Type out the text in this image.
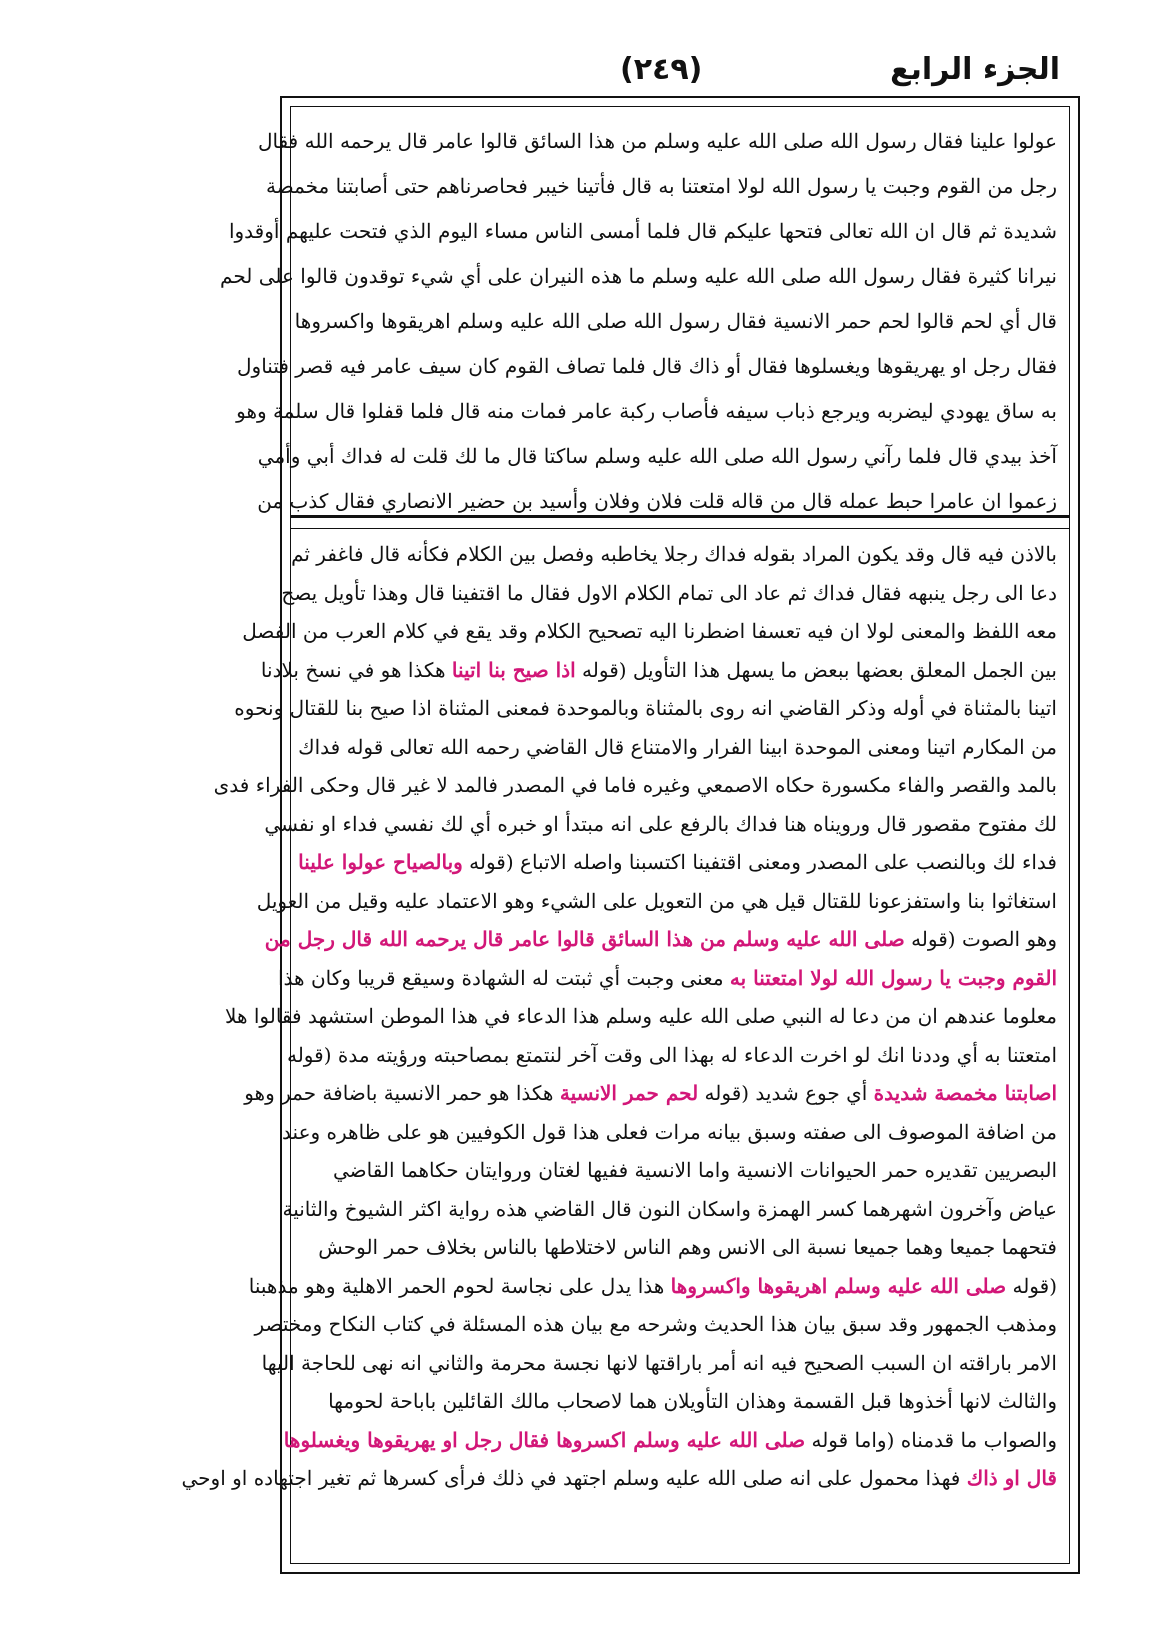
الجزء الرابع
(٢٤٩)
عولوا علينا فقال رسول الله صلى الله عليه وسلم من هذا السائق قالوا عامر قال يرحمه الله فقال
رجل من القوم وجبت يا رسول الله لولا امتعتنا به قال فأتينا خيبر فحاصرناهم حتى أصابتنا مخمصة
شديدة ثم قال ان الله تعالى فتحها عليكم قال فلما أمسى الناس مساء اليوم الذي فتحت عليهم أوقدوا
نيرانا كثيرة فقال رسول الله صلى الله عليه وسلم ما هذه النيران على أي شيء توقدون قالوا على لحم
قال أي لحم قالوا لحم حمر الانسية فقال رسول الله صلى الله عليه وسلم اهريقوها واكسروها
فقال رجل او يهريقوها ويغسلوها فقال أو ذاك قال فلما تصاف القوم كان سيف عامر فيه قصر فتناول
به ساق يهودي ليضربه ويرجع ذباب سيفه فأصاب ركبة عامر فمات منه قال فلما قفلوا قال سلمة وهو
آخذ بيدي قال فلما رآني رسول الله صلى الله عليه وسلم ساكتا قال ما لك قلت له فداك أبي وأمي
زعموا ان عامرا حبط عمله قال من قاله قلت فلان وفلان وأسيد بن حضير الانصاري فقال كذب من
بالاذن فيه قال وقد يكون المراد بقوله فداك رجلا يخاطبه وفصل بين الكلام فكأنه قال فاغفر ثم
دعا الى رجل ينبهه فقال فداك ثم عاد الى تمام الكلام الاول فقال ما اقتفينا قال وهذا تأويل يصح
معه اللفظ والمعنى لولا ان فيه تعسفا اضطرنا اليه تصحيح الكلام وقد يقع في كلام العرب من الفصل
بين الجمل المعلق بعضها ببعض ما يسهل هذا التأويل (قوله اذا صيح بنا اتينا هكذا هو في نسخ بلادنا
اتينا بالمثناة في أوله وذكر القاضي انه روى بالمثناة وبالموحدة فمعنى المثناة اذا صيح بنا للقتال ونحوه
من المكارم اتينا ومعنى الموحدة ابينا الفرار والامتناع قال القاضي رحمه الله تعالى قوله فداك
بالمد والقصر والفاء مكسورة حكاه الاصمعي وغيره فاما في المصدر فالمد لا غير قال وحكى الفراء فدى
لك مفتوح مقصور قال ورويناه هنا فداك بالرفع على انه مبتدأ او خبره أي لك نفسي فداء او نفسي
فداء لك وبالنصب على المصدر ومعنى اقتفينا اكتسبنا واصله الاتباع (قوله وبالصياح عولوا علينا
استغاثوا بنا واستفزعونا للقتال قيل هي من التعويل على الشيء وهو الاعتماد عليه وقيل من العويل
وهو الصوت (قوله صلى الله عليه وسلم من هذا السائق قالوا عامر قال يرحمه الله قال رجل من
القوم وجبت يا رسول الله لولا امتعتنا به معنى وجبت أي ثبتت له الشهادة وسيقع قريبا وكان هذا
معلوما عندهم ان من دعا له النبي صلى الله عليه وسلم هذا الدعاء في هذا الموطن استشهد فقالوا هلا
امتعتنا به أي وددنا انك لو اخرت الدعاء له بهذا الى وقت آخر لنتمتع بمصاحبته ورؤيته مدة (قوله
اصابتنا مخمصة شديدة أي جوع شديد (قوله لحم حمر الانسية هكذا هو حمر الانسية باضافة حمر وهو
من اضافة الموصوف الى صفته وسبق بيانه مرات فعلى هذا قول الكوفيين هو على ظاهره وعند
البصريين تقديره حمر الحيوانات الانسية واما الانسية ففيها لغتان وروايتان حكاهما القاضي
عياض وآخرون اشهرهما كسر الهمزة واسكان النون قال القاضي هذه رواية اكثر الشيوخ والثانية
فتحهما جميعا وهما جميعا نسبة الى الانس وهم الناس لاختلاطها بالناس بخلاف حمر الوحش
(قوله صلى الله عليه وسلم اهريقوها واكسروها هذا يدل على نجاسة لحوم الحمر الاهلية وهو مذهبنا
ومذهب الجمهور وقد سبق بيان هذا الحديث وشرحه مع بيان هذه المسئلة في كتاب النكاح ومختصر
الامر باراقته ان السبب الصحيح فيه انه أمر باراقتها لانها نجسة محرمة والثاني انه نهى للحاجة اليها
والثالث لانها أخذوها قبل القسمة وهذان التأويلان هما لاصحاب مالك القائلين باباحة لحومها
والصواب ما قدمناه (واما قوله صلى الله عليه وسلم اكسروها فقال رجل او يهريقوها ويغسلوها
قال او ذاك فهذا محمول على انه صلى الله عليه وسلم اجتهد في ذلك فرأى كسرها ثم تغير اجتهاده او اوحي
